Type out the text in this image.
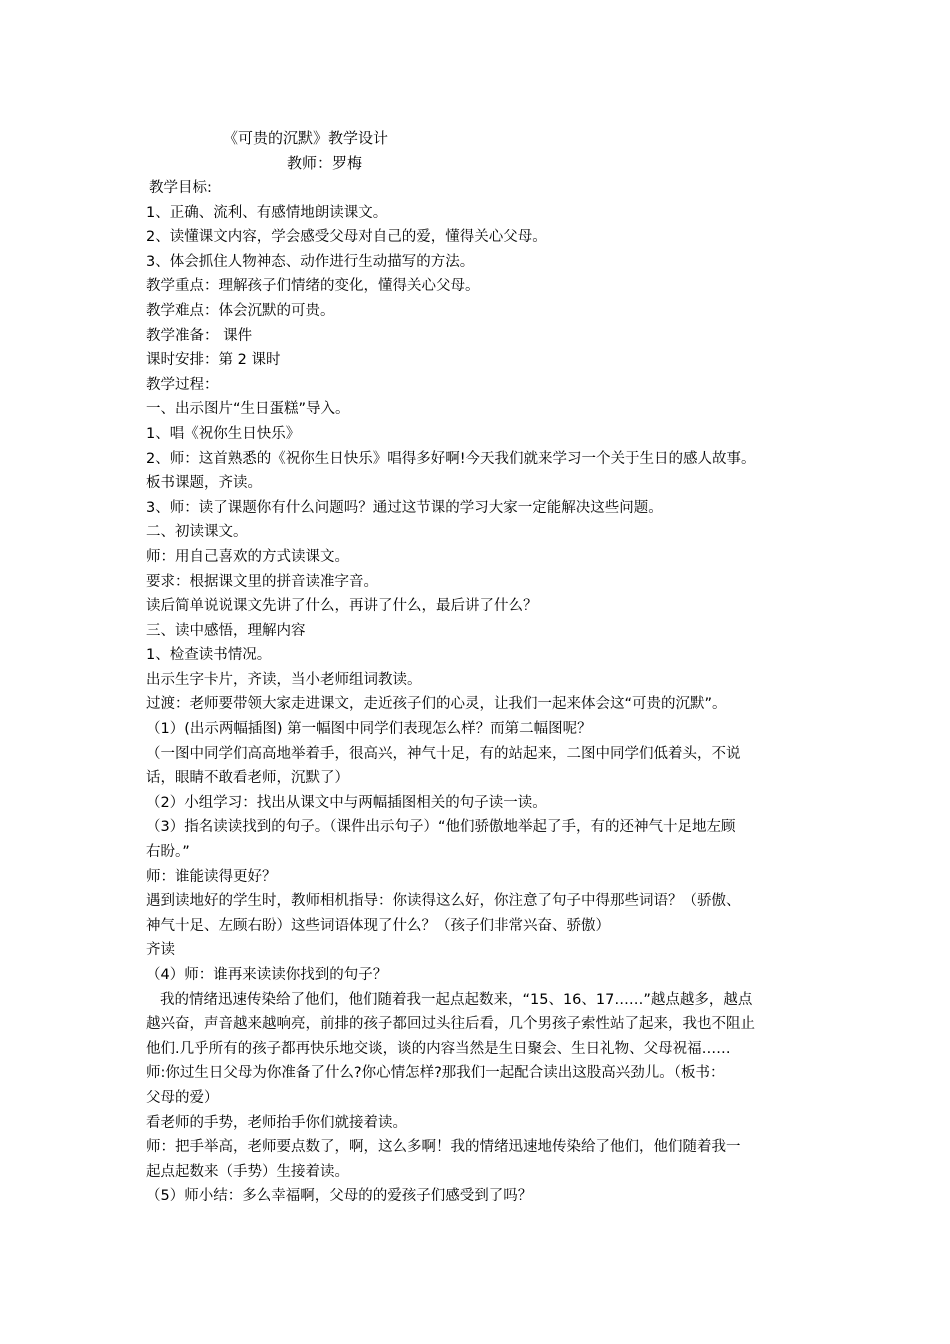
《可贵的沉默》教学设计
教师：罗梅
教学目标:
1、正确、流利、有感情地朗读课文。
2、读懂课文内容，学会感受父母对自己的爱，懂得关心父母。
3、体会抓住人物神态、动作进行生动描写的方法。
教学重点：理解孩子们情绪的变化，懂得关心父母。
教学难点：体会沉默的可贵。
教学准备： 课件
课时安排：第 2 课时
教学过程：
一、出示图片“生日蛋糕”导入。
1、唱《祝你生日快乐》
2、师：这首熟悉的《祝你生日快乐》唱得多好啊!今天我们就来学习一个关于生日的感人故事。
板书课题，齐读。
3、师：读了课题你有什么问题吗？通过这节课的学习大家一定能解决这些问题。
二、初读课文。
师：用自己喜欢的方式读课文。
要求：根据课文里的拼音读准字音。
读后简单说说课文先讲了什么，再讲了什么，最后讲了什么？
三、读中感悟，理解内容
1、检查读书情况。
出示生字卡片，齐读，当小老师组词教读。
过渡：老师要带领大家走进课文，走近孩子们的心灵，让我们一起来体会这“可贵的沉默”。
（1）(出示两幅插图) 第一幅图中同学们表现怎么样？而第二幅图呢？
（一图中同学们高高地举着手，很高兴，神气十足，有的站起来，二图中同学们低着头，不说
话，眼睛不敢看老师，沉默了）
（2）小组学习：找出从课文中与两幅插图相关的句子读一读。
（3）指名读读找到的句子。（课件出示句子）“他们骄傲地举起了手，有的还神气十足地左顾
右盼。”
师：谁能读得更好？
遇到读地好的学生时，教师相机指导：你读得这么好，你注意了句子中得那些词语？（骄傲、
神气十足、左顾右盼）这些词语体现了什么？（孩子们非常兴奋、骄傲）
齐读
（4）师：谁再来读读你找到的句子？
我的情绪迅速传染给了他们，他们随着我一起点起数来，“15、16、17……”越点越多，越点
越兴奋，声音越来越响亮，前排的孩子都回过头往后看，几个男孩子索性站了起来，我也不阻止
他们.几乎所有的孩子都再快乐地交谈，谈的内容当然是生日聚会、生日礼物、父母祝福……
师:你过生日父母为你准备了什么?你心情怎样?那我们一起配合读出这股高兴劲儿。（板书：
父母的爱）
看老师的手势，老师抬手你们就接着读。
师：把手举高，老师要点数了，啊，这么多啊！我的情绪迅速地传染给了他们，他们随着我一
起点起数来（手势）生接着读。
（5）师小结：多么幸福啊，父母的的爱孩子们感受到了吗？
